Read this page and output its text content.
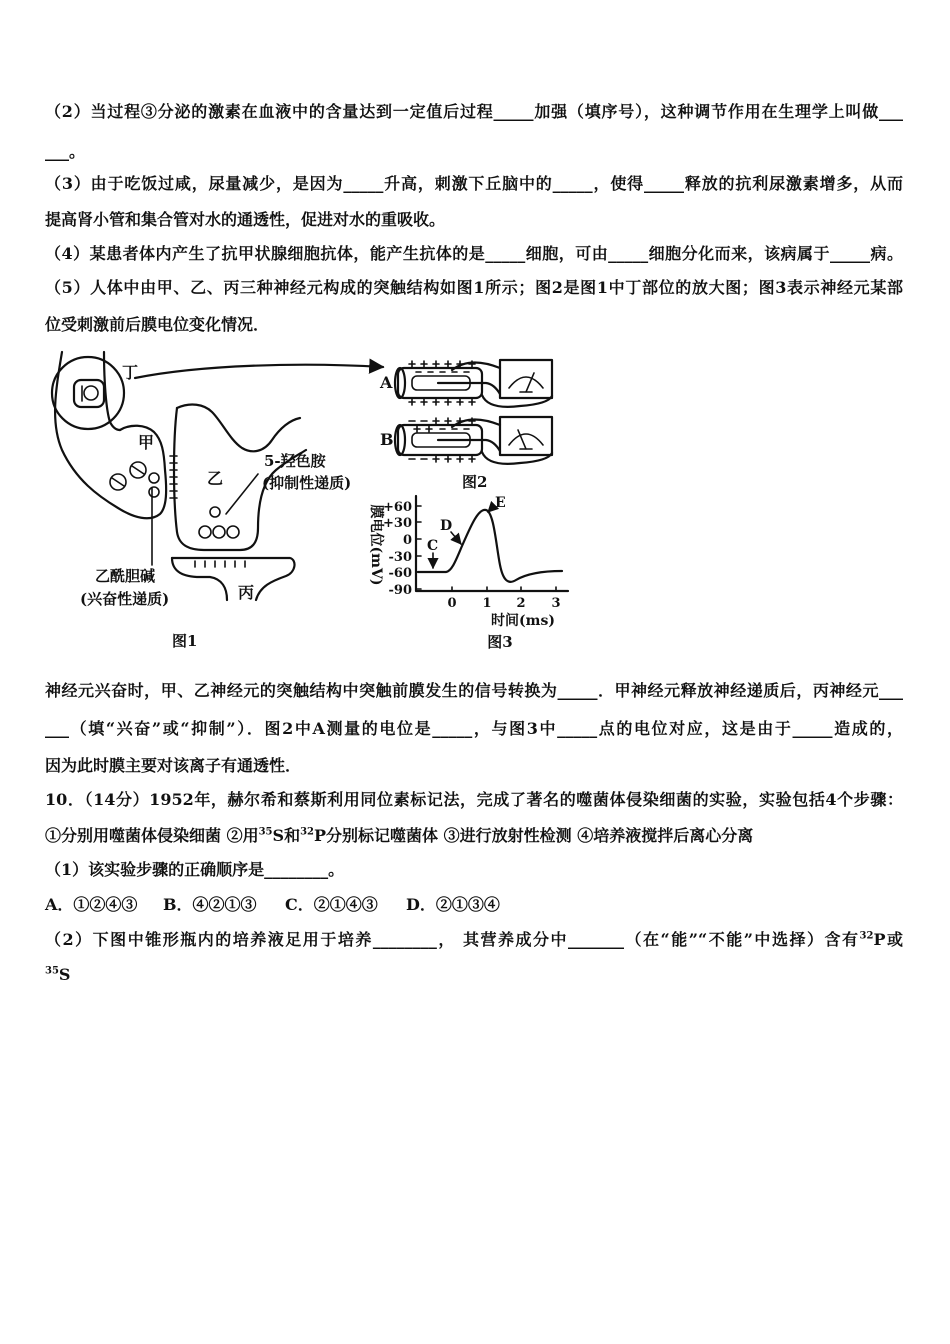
（2）当过程③分泌的激素在血液中的含量达到一定值后过程_____加强（填序号），这种调节作用在生理学上叫做___
___。
（3）由于吃饭过咸，尿量减少，是因为_____升高，刺激下丘脑中的_____，使得_____释放的抗利尿激素增多，从而
提高肾小管和集合管对水的通透性，促进对水的重吸收。
（4）某患者体内产生了抗甲状腺细胞抗体，能产生抗体的是_____细胞，可由_____细胞分化而来，该病属于_____病。
（5）人体中由甲、乙、丙三种神经元构成的突触结构如图1所示；图2是图1中丁部位的放大图；图3表示神经元某部
位受刺激前后膜电位变化情况．
丁
甲
乙
5-羟色胺
(抑制性递质)
乙酰胆碱
(兴奋性递质)	丙
图1
A
B
图2
膜电位(mV) +60
+30
0
-30
-60
-90
0 1 2 3
时间(ms)
C
D
E
图3
神经元兴奋时，甲、乙神经元的突触结构中突触前膜发生的信号转换为_____．甲神经元释放神经递质后，丙神经元___
___（填“兴奋”或“抑制”）．图2中A测量的电位是_____，与图3中_____点的电位对应，这是由于_____造成的，
因为此时膜主要对该离子有通透性．
10．（14分）1952年，赫尔希和蔡斯利用同位素标记法，完成了著名的噬菌体侵染细菌的实验，实验包括4个步骤：
①分别用噬菌体侵染细菌 ②用$^{35}$S和$^{32}$P分别标记噬菌体 ③进行放射性检测 ④培养液搅拌后离心分离
（1）该实验步骤的正确顺序是________。
A．①②④③ B．④②①③ C．②①④③ D．②①③④
（2）下图中锥形瓶内的培养液足用于培养________， 其营养成分中_______（在“能”“不能”中选择）含有$^{32}$P或
$^{35}$S
